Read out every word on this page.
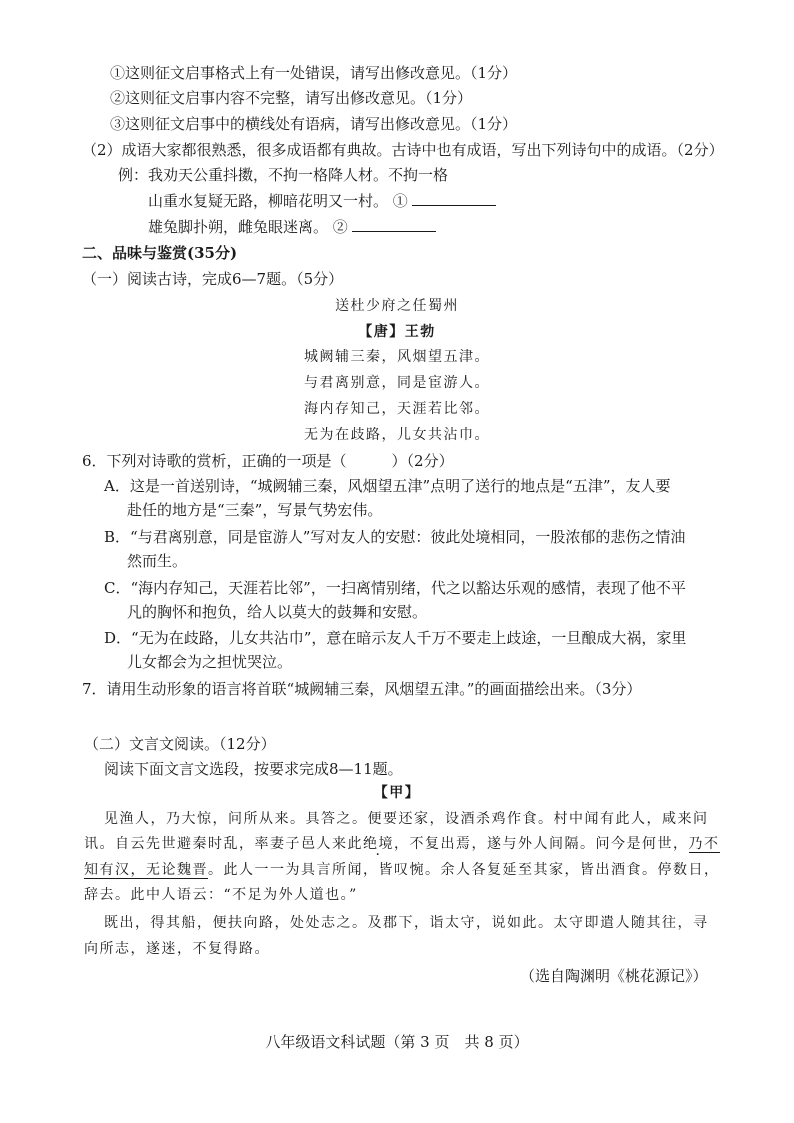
①这则征文启事格式上有一处错误，请写出修改意见。（1分）
②这则征文启事内容不完整，请写出修改意见。（1分）
③这则征文启事中的横线处有语病，请写出修改意见。（1分）
（2）成语大家都很熟悉，很多成语都有典故。古诗中也有成语，写出下列诗句中的成语。（2分）
例：我劝天公重抖擞，不拘一格降人材。不拘一格
山重水复疑无路，柳暗花明又一村。 ①
雄兔脚扑朔，雌兔眼迷离。 ②
二、品味与鉴赏(35分)
（一）阅读古诗，完成6—7题。（5分）
送杜少府之任蜀州
【唐】王勃
城阙辅三秦，风烟望五津。
与君离别意，同是宦游人。
海内存知己，天涯若比邻。
无为在歧路，儿女共沾巾。
6．下列对诗歌的赏析，正确的一项是（　　　）（2分）
A．这是一首送别诗，“城阙辅三秦，风烟望五津”点明了送行的地点是“五津”，友人要
赴任的地方是“三秦”，写景气势宏伟。
B．“与君离别意，同是宦游人”写对友人的安慰：彼此处境相同，一股浓郁的悲伤之情油
然而生。
C．“海内存知己，天涯若比邻”，一扫离情别绪，代之以豁达乐观的感情，表现了他不平
凡的胸怀和抱负，给人以莫大的鼓舞和安慰。
D．“无为在歧路，儿女共沾巾”，意在暗示友人千万不要走上歧途，一旦酿成大祸，家里
儿女都会为之担忧哭泣。
7．请用生动形象的语言将首联“城阙辅三秦，风烟望五津。”的画面描绘出来。（3分）
（二）文言文阅读。（12分）
阅读下面文言文选段，按要求完成8—11题。
【甲】
见渔人，乃大惊，问所从来。具答之。便要还家，设酒杀鸡作食。村中闻有此人，咸来问
讯。自云先世避秦时乱，率妻子邑人来此绝境，不复出焉，遂与外人间隔。问今是何世，乃不
知有汉，无论魏晋。此人一一为具言所闻，皆叹惋。余人各复延至其家，皆出酒食。停数日，
辞去。此中人语云：“不足为外人道也。”
既出，得其船，便扶向路，处处志之。及郡下，诣太守，说如此。太守即遣人随其往，寻
向所志，遂迷，不复得路。
（选自陶渊明《桃花源记》）
八年级语文科试题（第 3 页　共 8 页）
